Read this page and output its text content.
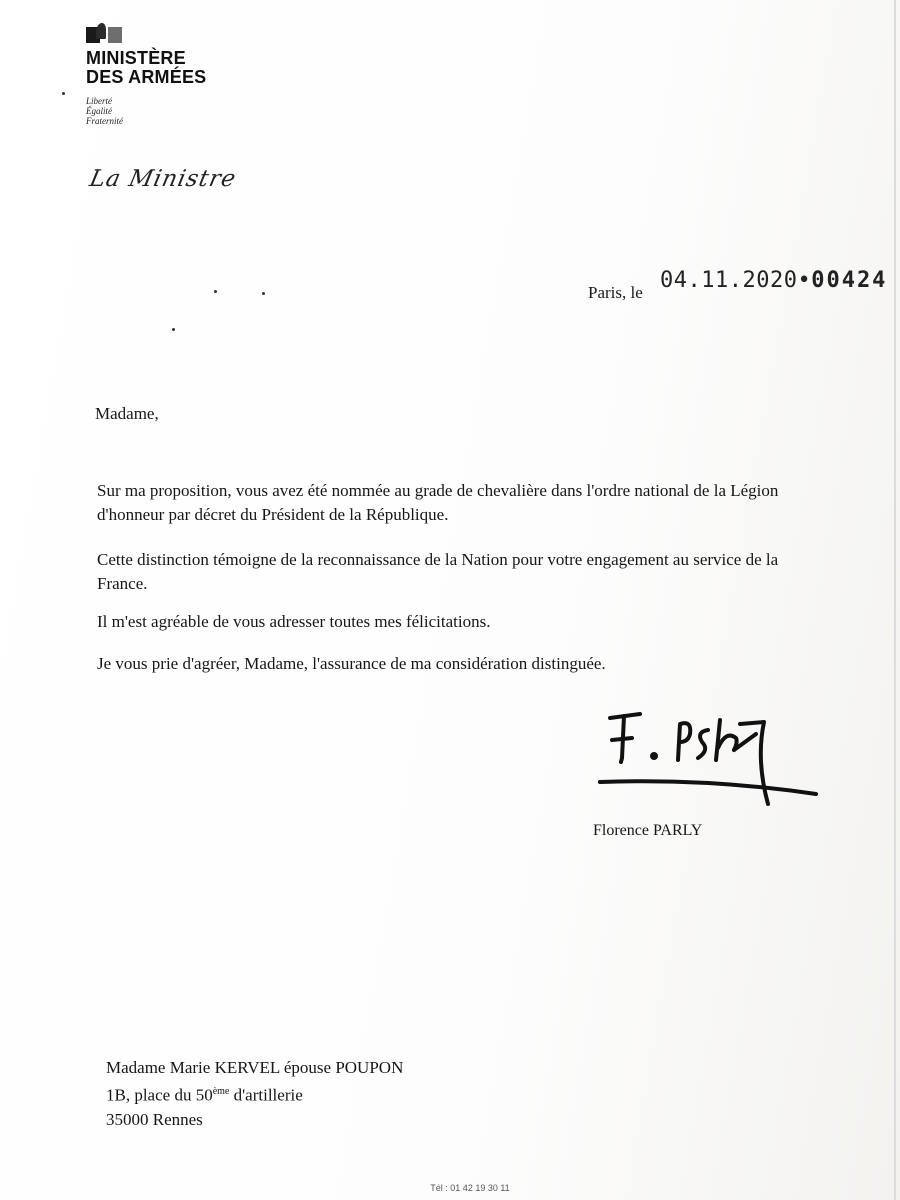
MINISTÈRE
DES ARMÉES
Liberté
Égalité
Fraternité
La Ministre
Paris, le 04.11.2020•00424
Madame,
Sur ma proposition, vous avez été nommée au grade de chevalière dans l'ordre national de la Légion d'honneur par décret du Président de la République.
Cette distinction témoigne de la reconnaissance de la Nation pour votre engagement au service de la France.
Il m'est agréable de vous adresser toutes mes félicitations.
Je vous prie d'agréer, Madame, l'assurance de ma considération distinguée.
Florence PARLY
Madame Marie KERVEL épouse POUPON
1B, place du 50ème d'artillerie
35000 Rennes
Tél : 01 42 19 30 11
